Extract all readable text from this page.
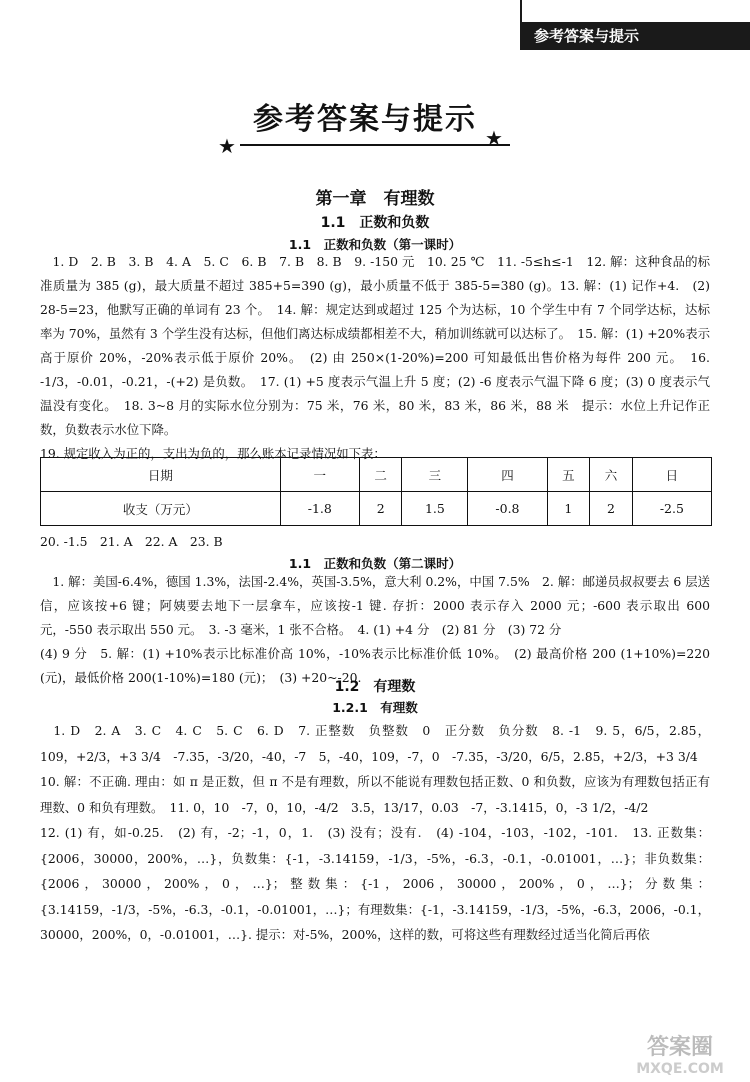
参考答案与提示
★
参考答案与提示
★
第一章　有理数
1.1　正数和负数
1.1　正数和负数（第一课时）
　1. D　2. B　3. B　4. A　5. C　6. B　7. B　8. B　9. -150 元　10. 25 ℃　11. -5≤h≤-1　12. 解：这种食品的标准质量为 385 (g)，最大质量不超过 385+5=390 (g)，最小质量不低于 385-5=380 (g)。13. 解：(1) 记作+4.　(2) 28-5=23，他默写正确的单词有 23 个。　14. 解：规定达到或超过 125 个为达标，10 个学生中有 7 个同学达标，达标率为 70%，虽然有 3 个学生没有达标，但他们离达标成绩都相差不大，稍加训练就可以达标了。　15. 解：(1) +20%表示高于原价 20%，-20%表示低于原价 20%。　(2) 由 250×(1-20%)=200 可知最低出售价格为每件 200 元。　16. -1/3，-0.01，-0.21，-(+2) 是负数。　17. (1) +5 度表示气温上升 5 度；(2) -6 度表示气温下降 6 度；(3) 0 度表示气温没有变化。　18. 3~8 月的实际水位分别为：75 米，76 米，80 米，83 米，86 米，88 米　提示：水位上升记作正数，负数表示水位下降。
19. 规定收入为正的，支出为负的，那么账本记录情况如下表：
日期	一	二	三	四	五	六	日
收支（万元）	-1.8	2	1.5	-0.8	1	2	-2.5
20. -1.5　21. A　22. A　23. B
1.1　正数和负数（第二课时）
　1. 解：美国-6.4%，德国 1.3%，法国-2.4%，英国-3.5%，意大利 0.2%，中国 7.5%　2. 解：邮递员叔叔要去 6 层送信，应该按+6 键；阿姨要去地下一层拿车，应该按-1 键. 存折：2000 表示存入 2000 元；-600 表示取出 600 元，-550 表示取出 550 元。　3. -3 毫米，1 张不合格。　4. (1) +4 分　(2) 81 分　(3) 72 分
(4) 9 分　5. 解：(1) +10%表示比标准价高 10%，-10%表示比标准价低 10%。　(2) 最高价格 200 (1+10%)=220 (元)，最低价格 200(1-10%)=180 (元)；　(3) +20~-20.
1.2　有理数
1.2.1　有理数
　1. D　2. A　3. C　4. C　5. C　6. D　7. 正整数　负整数　0　正分数　负分数　8. -1　9. 5，6/5，2.85，109，+2/3，+3 3/4　-7.35，-3/20，-40，-7　5，-40，109，-7，0　-7.35，-3/20，6/5，2.85，+2/3，+3 3/4
10. 解：不正确. 理由：如 π 是正数，但 π 不是有理数，所以不能说有理数包括正数、0 和负数，应该为有理数包括正有理数、0 和负有理数。　11. 0，10　-7，0，10，-4/2　3.5，13/17，0.03　-7，-3.1415，0，-3 1/2，-4/2
12. (1) 有，如-0.25.　(2) 有，-2；-1，0，1.　(3) 没有；没有.　(4) -104，-103，-102，-101.　13. 正数集：{2006，30000，200%，…}，负数集：{-1，-3.14159，-1/3，-5%，-6.3，-0.1，-0.01001，…}；非负数集：{2006，30000，200%，0，…}；整数集：{-1，2006，30000，200%，0，…}；分数集：{3.14159，-1/3，-5%，-6.3，-0.1，-0.01001，…}；有理数集：{-1，-3.14159，-1/3，-5%，-6.3，2006，-0.1，30000，200%，0，-0.01001，…}. 提示：对-5%，200%，这样的数，可将这些有理数经过适当化简后再依
答案圈
MXQE.COM
